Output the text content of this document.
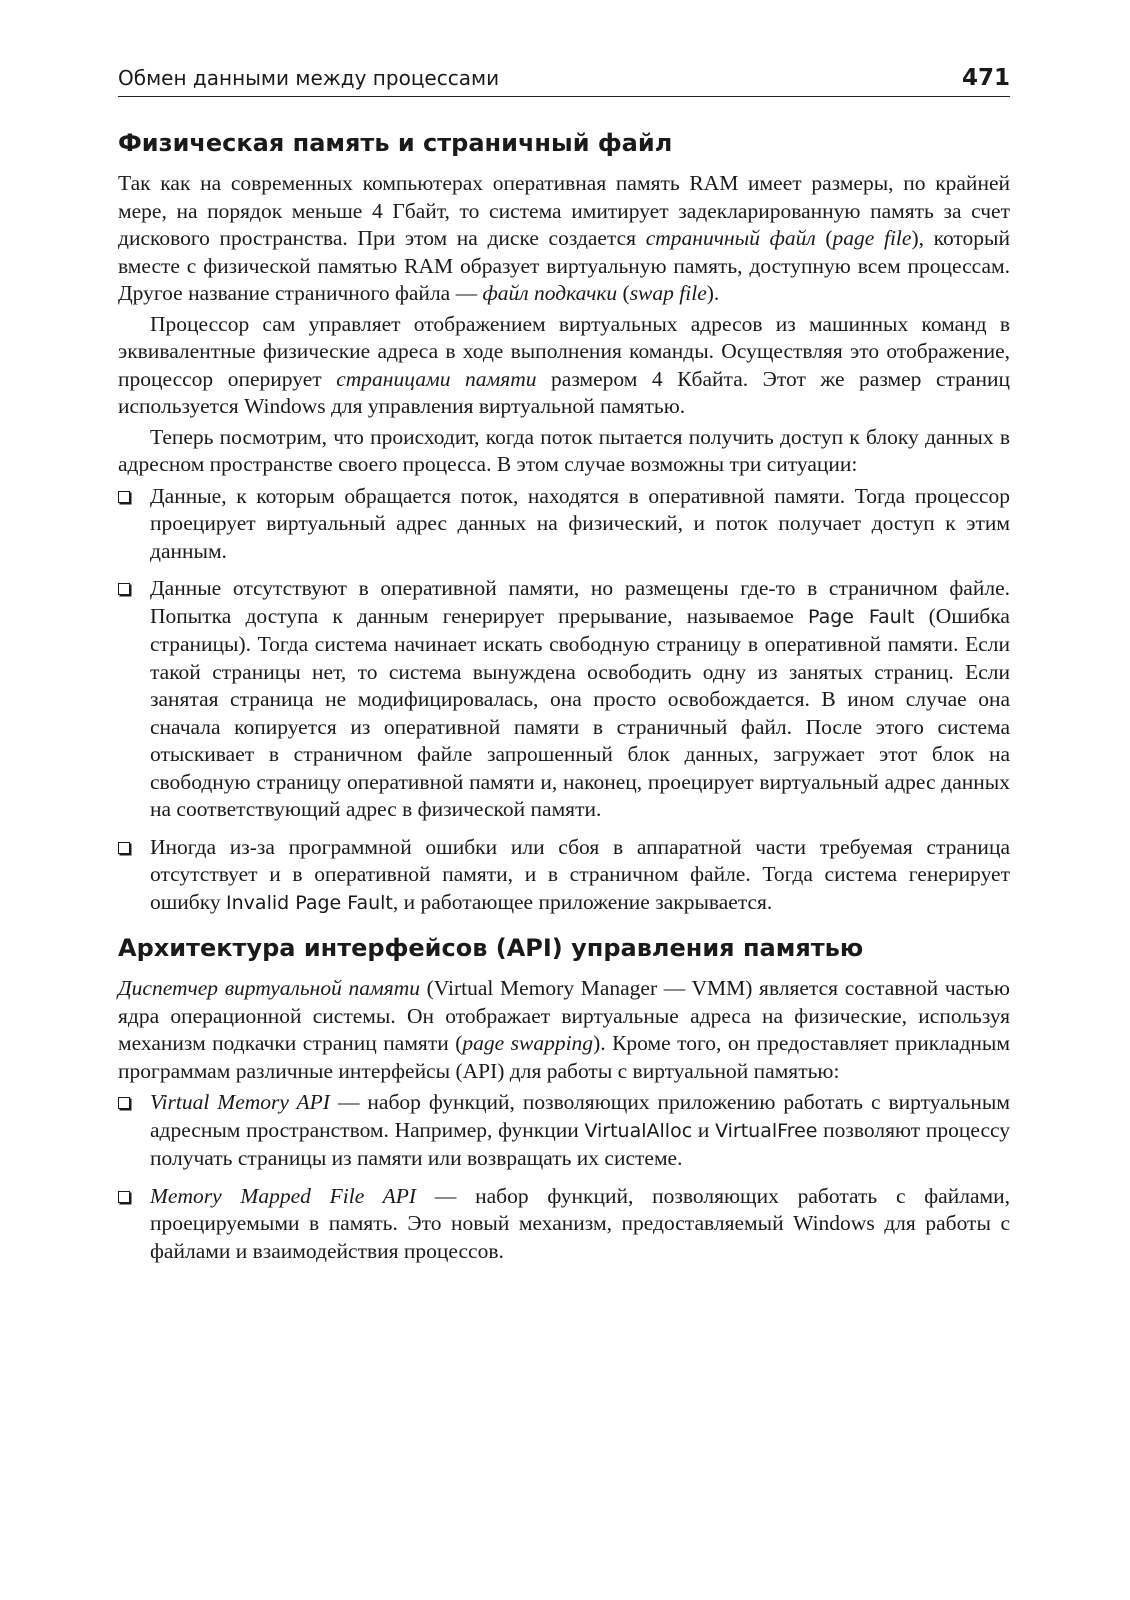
Обмен данными между процессами	471
Физическая память и страничный файл

Так как на современных компьютерах оперативная память RAM имеет размеры, по крайней мере, на порядок меньше 4 Гбайт, то система имитирует задекларированную память за счет дискового пространства. При этом на диске создается страничный файл (page file), который вместе с физической памятью RAM образует виртуальную память, доступную всем процессам. Другое название страничного файла — файл подкачки (swap file).

Процессор сам управляет отображением виртуальных адресов из машинных команд в эквивалентные физические адреса в ходе выполнения команды. Осуществляя это отображение, процессор оперирует страницами памяти размером 4 Кбайта. Этот же размер страниц используется Windows для управления виртуальной памятью.

Теперь посмотрим, что происходит, когда поток пытается получить доступ к блоку данных в адресном пространстве своего процесса. В этом случае возможны три ситуации:

Данные, к которым обращается поток, находятся в оперативной памяти. Тогда процессор проецирует виртуальный адрес данных на физический, и поток получает доступ к этим данным.
Данные отсутствуют в оперативной памяти, но размещены где-то в страничном файле. Попытка доступа к данным генерирует прерывание, называемое Page Fault (Ошибка страницы). Тогда система начинает искать свободную страницу в оперативной памяти. Если такой страницы нет, то система вынуждена освободить одну из занятых страниц. Если занятая страница не модифицировалась, она просто освобождается. В ином случае она сначала копируется из оперативной памяти в страничный файл. После этого система отыскивает в страничном файле запрошенный блок данных, загружает этот блок на свободную страницу оперативной памяти и, наконец, проецирует виртуальный адрес данных на соответствующий адрес в физической памяти.
Иногда из-за программной ошибки или сбоя в аппаратной части требуемая страница отсутствует и в оперативной памяти, и в страничном файле. Тогда система генерирует ошибку Invalid Page Fault, и работающее приложение закрывается.
Архитектура интерфейсов (API) управления памятью

Диспетчер виртуальной памяти (Virtual Memory Manager — VMM) является составной частью ядра операционной системы. Он отображает виртуальные адреса на физические, используя механизм подкачки страниц памяти (page swapping). Кроме того, он предоставляет прикладным программам различные интерфейсы (API) для работы с виртуальной памятью:

Virtual Memory API — набор функций, позволяющих приложению работать с виртуальным адресным пространством. Например, функции VirtualAlloc и VirtualFree позволяют процессу получать страницы из памяти или возвращать их системе.
Memory Mapped File API — набор функций, позволяющих работать с файлами, проецируемыми в память. Это новый механизм, предоставляемый Windows для работы с файлами и взаимодействия процессов.
